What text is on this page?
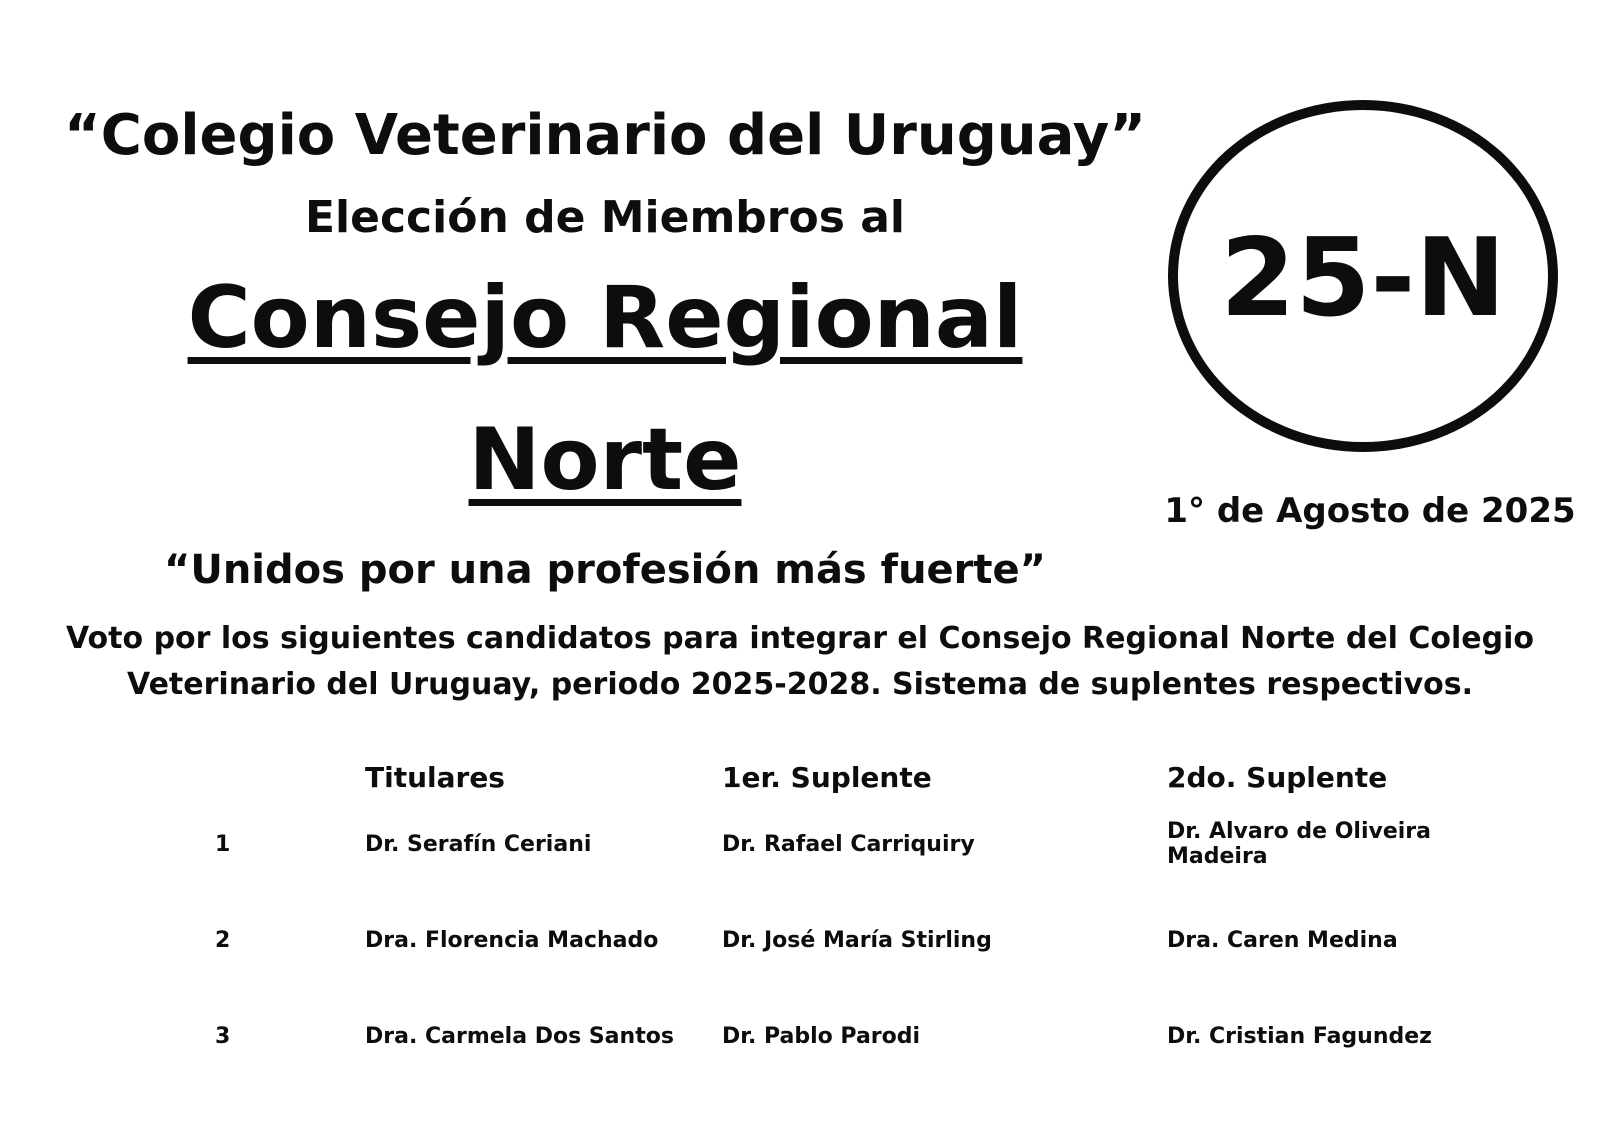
“Colegio Veterinario del Uruguay”
Elección de Miembros al
Consejo Regional
Norte
“Unidos por una profesión más fuerte”
25-N
1° de Agosto de 2025
Voto por los siguientes candidatos para integrar el Consejo Regional Norte del Colegio Veterinario del Uruguay, periodo 2025-2028. Sistema de suplentes respectivos.
	Titulares	1er. Suplente	2do. Suplente
1	Dr. Serafín Ceriani	Dr. Rafael Carriquiry	Dr. Alvaro de Oliveira Madeira
2	Dra. Florencia Machado	Dr. José María Stirling	Dra. Caren Medina
3	Dra. Carmela Dos Santos	Dr. Pablo Parodi	Dr. Cristian Fagundez
